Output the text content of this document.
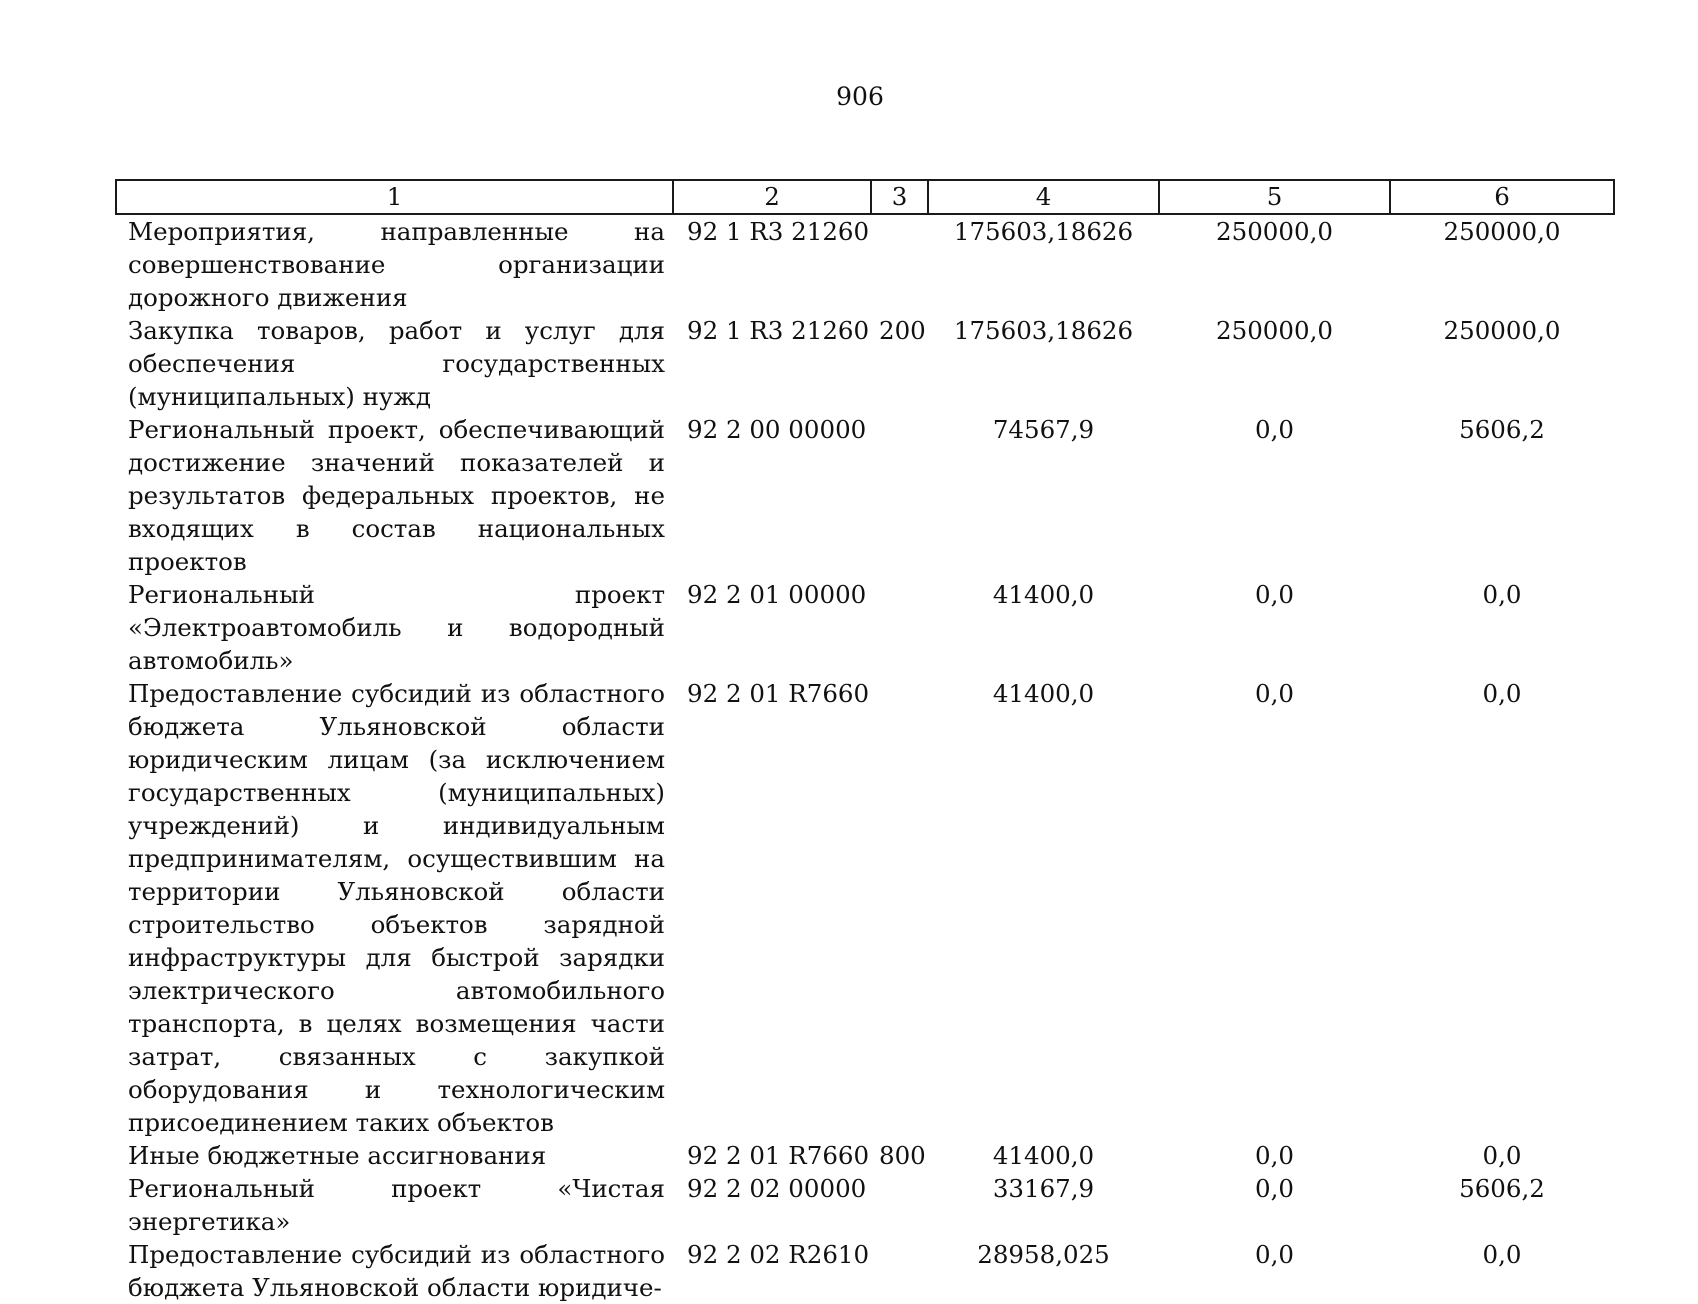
906
1	2	3	4	5	6
Мероприятия, направленные на совершенствование организации дорожного движения	92 1 R3 21260		175603,18626	250000,0	250000,0
Закупка товаров, работ и услуг для обеспечения государственных (муниципальных) нужд	92 1 R3 21260	200	175603,18626	250000,0	250000,0
Региональный проект, обеспечивающий достижение значений показателей и результатов федеральных проектов, не входящих в состав национальных проектов	92 2 00 00000		74567,9	0,0	5606,2
Региональный проект «Электроавтомобиль и водородный автомобиль»	92 2 01 00000		41400,0	0,0	0,0
Предоставление субсидий из областного бюджета Ульяновской области юридическим лицам (за исключением государственных (муниципальных) учреждений) и индивидуальным предпринимателям, осуществившим на территории Ульяновской области строительство объектов зарядной инфраструктуры для быстрой зарядки электрического автомобильного транспорта, в целях возмещения части затрат, связанных с закупкой оборудования и технологическим присоединением таких объектов	92 2 01 R7660		41400,0	0,0	0,0
Иные бюджетные ассигнования	92 2 01 R7660	800	41400,0	0,0	0,0
Региональный проект «Чистая энергетика»	92 2 02 00000		33167,9	0,0	5606,2
Предоставление субсидий из областного бюджета Ульяновской области юридиче-	92 2 02 R2610		28958,025	0,0	0,0
